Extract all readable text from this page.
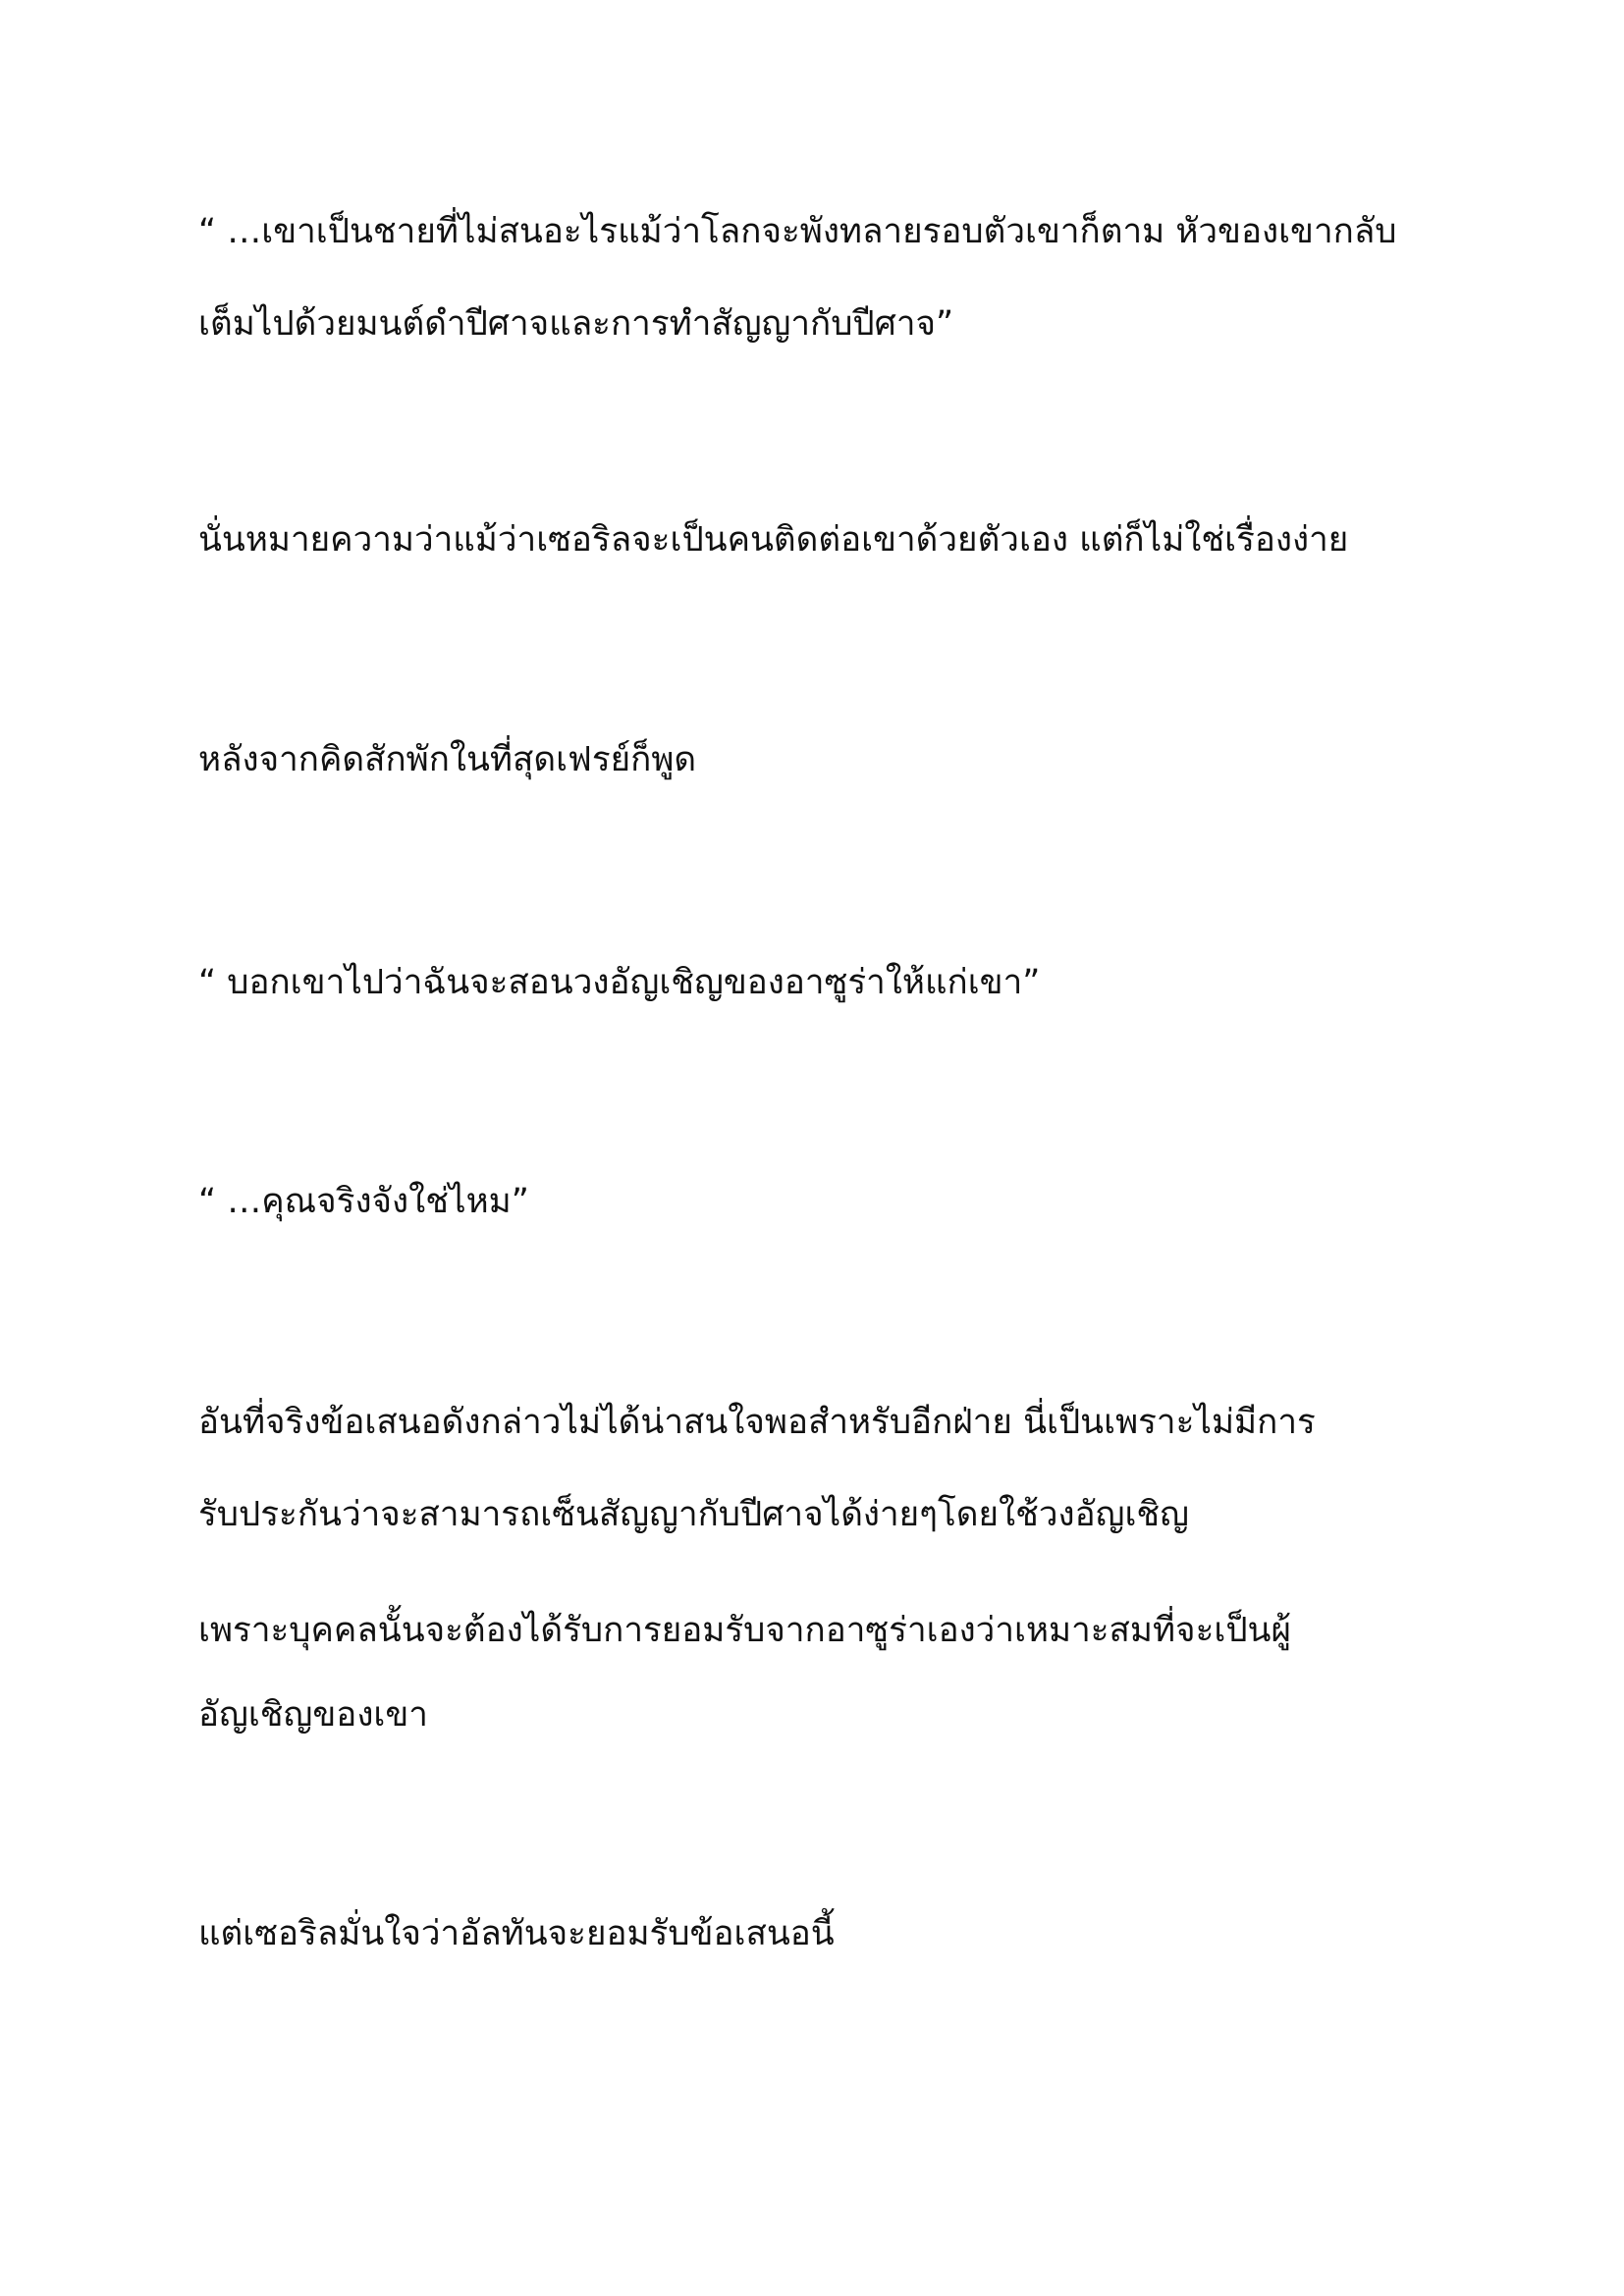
“ …เขาเป็นชายที่ไม่สนอะไรแม้ว่าโลกจะพังทลายรอบตัวเขาก็ตาม หัวของเขากลับ
เต็มไปด้วยมนต์ดำปีศาจและการทำสัญญากับปีศาจ”
นั่นหมายความว่าแม้ว่าเซอริลจะเป็นคนติดต่อเขาด้วยตัวเอง แต่ก็ไม่ใช่เรื่องง่าย
หลังจากคิดสักพักในที่สุดเฟรย์ก็พูด
“ บอกเขาไปว่าฉันจะสอนวงอัญเชิญของอาซูร่าให้แก่เขา”
“ …คุณจริงจังใช่ไหม”
อันที่จริงข้อเสนอดังกล่าวไม่ได้น่าสนใจพอสำหรับอีกฝ่าย นี่เป็นเพราะไม่มีการ
รับประกันว่าจะสามารถเซ็นสัญญากับปีศาจได้ง่ายๆโดยใช้วงอัญเชิญ
เพราะบุคคลนั้นจะต้องได้รับการยอมรับจากอาซูร่าเองว่าเหมาะสมที่จะเป็นผู้
อัญเชิญของเขา
แต่เซอริลมั่นใจว่าอัลทันจะยอมรับข้อเสนอนี้
